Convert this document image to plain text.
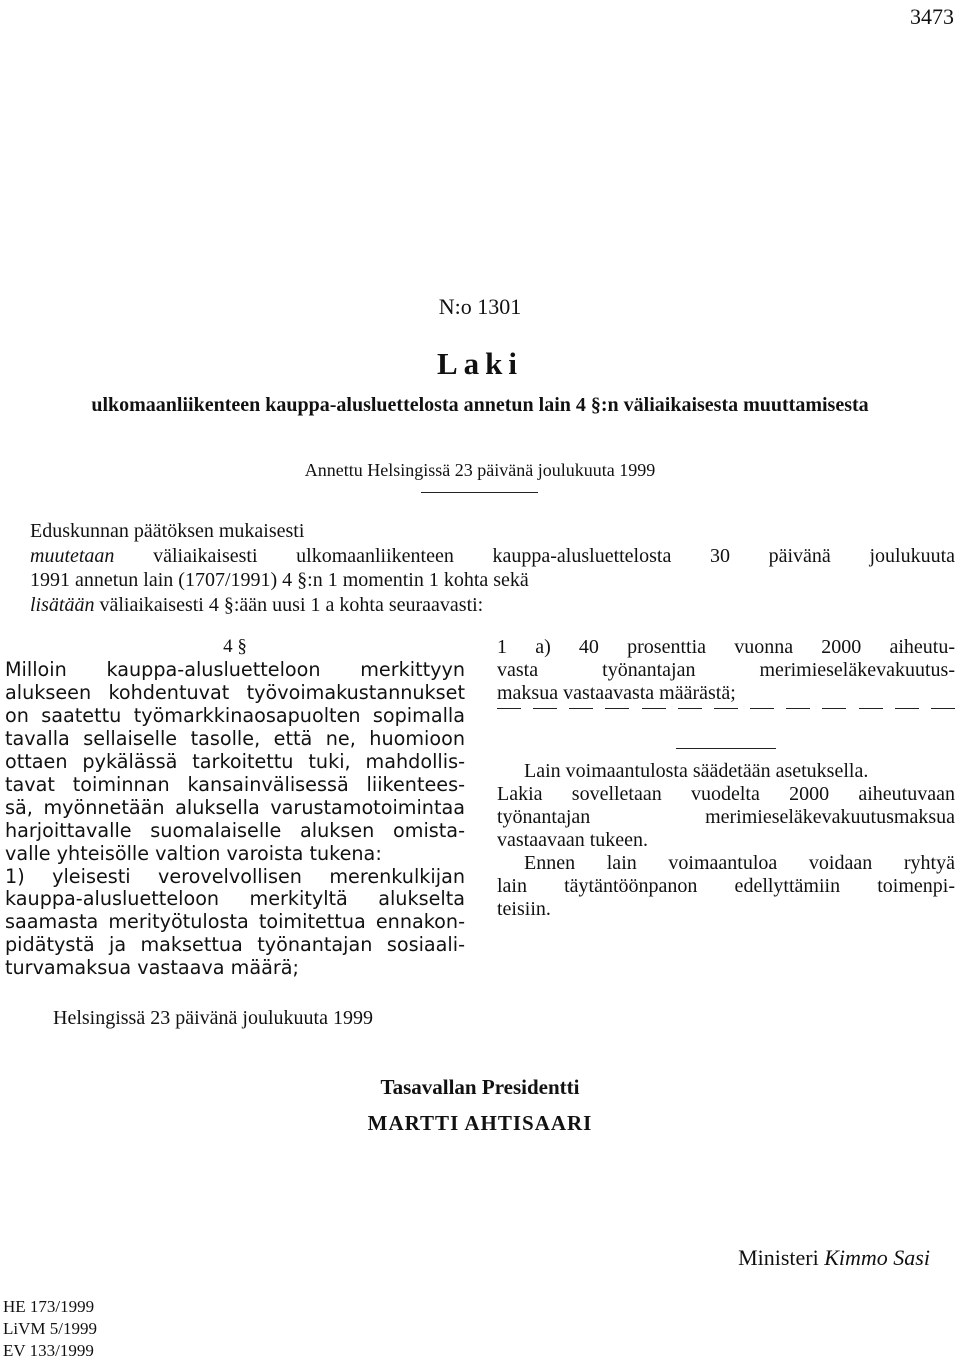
3473
N:o 1301
Laki
ulkomaanliikenteen kauppa-alusluettelosta annetun lain 4 §:n väliaikaisesta muuttamisesta
Annettu Helsingissä 23 päivänä joulukuuta 1999

Eduskunnan päätöksen mukaisesti

muutetaan väliaikaisesti ulkomaanliikenteen kauppa-alusluettelosta 30 päivänä joulukuuta

1991 annetun lain (1707/1991) 4 §:n 1 momentin 1 kohta sekä

lisätään väliaikaisesti 4 §:ään uusi 1 a kohta seuraavasti:

4 §

Milloin kauppa-alusluetteloon merkittyyn

alukseen kohdentuvat työvoimakustannukset

on saatettu työmarkkinaosapuolten sopimalla

tavalla sellaiselle tasolle, että ne, huomioon

ottaen pykälässä tarkoitettu tuki, mahdollis-

tavat toiminnan kansainvälisessä liikentees-

sä, myönnetään aluksella varustamotoimintaa

harjoittavalle suomalaiselle aluksen omista-

valle yhteisölle valtion varoista tukena:

1) yleisesti verovelvollisen merenkulkijan

kauppa-alusluetteloon merkityltä alukselta

saamasta merityötulosta toimitettua ennakon-

pidätystä ja maksettua työnantajan sosiaali-

turvamaksua vastaava määrä;

1 a) 40 prosenttia vuonna 2000 aiheutu-

vasta työnantajan merimieseläkevakuutus-

maksua vastaavasta määrästä;

Lain voimaantulosta säädetään asetuksella.

Lakia sovelletaan vuodelta 2000 aiheutuvaan

työnantajan merimieseläkevakuutusmaksua

vastaavaan tukeen.

Ennen lain voimaantuloa voidaan ryhtyä

lain täytäntöönpanon edellyttämiin toimenpi-

teisiin.

Helsingissä 23 päivänä joulukuuta 1999
Tasavallan Presidentti
MARTTI AHTISAARI
Ministeri Kimmo Sasi
HE 173/1999
LiVM 5/1999
EV 133/1999
